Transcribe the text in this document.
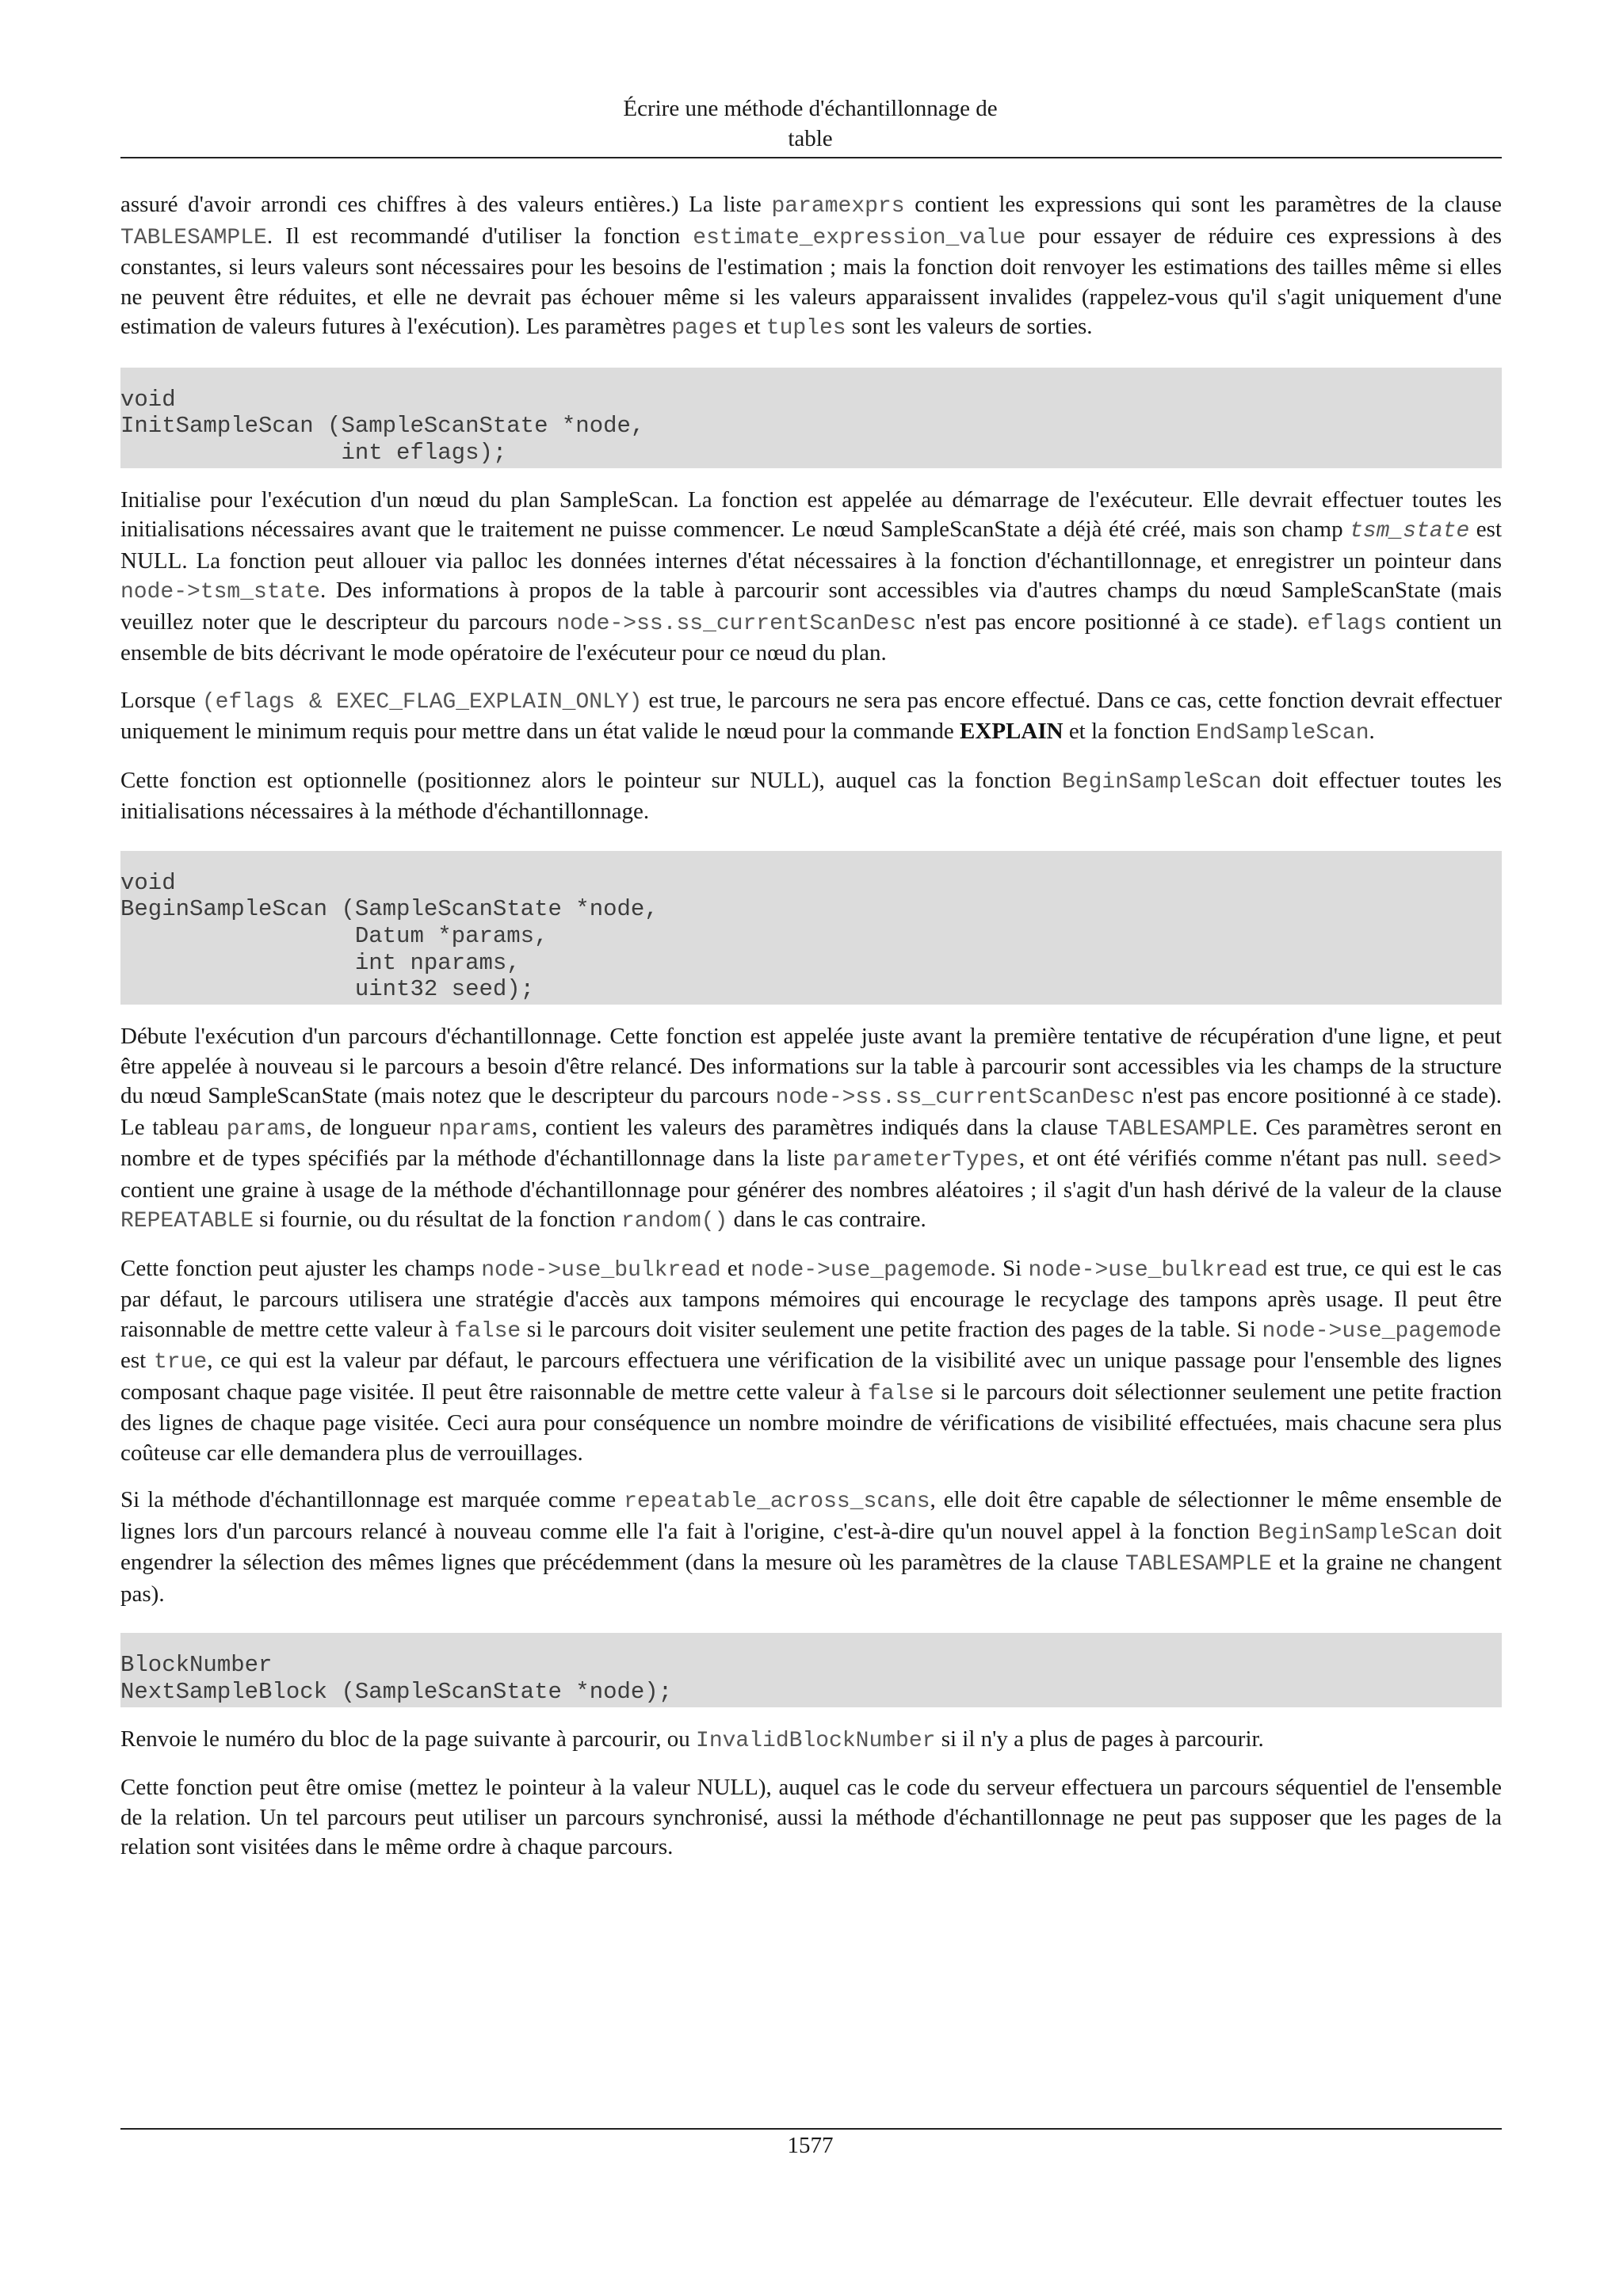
Écrire une méthode d'échantillonnage de
table

assuré d'avoir arrondi ces chiffres à des valeurs entières.) La liste paramexprs contient les expressions qui sont les paramètres de la clause TABLESAMPLE. Il est recommandé d'utiliser la fonction estimate_expression_value pour essayer de réduire ces expressions à des constantes, si leurs valeurs sont nécessaires pour les besoins de l'estimation ; mais la fonction doit renvoyer les estimations des tailles même si elles ne peuvent être réduites, et elle ne devrait pas échouer même si les valeurs apparaissent invalides (rappelez-vous qu'il s'agit uniquement d'une estimation de valeurs futures à l'exécution). Les paramètres pages et tuples sont les valeurs de sorties.

void
InitSampleScan (SampleScanState *node,
int eflags);

Initialise pour l'exécution d'un nœud du plan SampleScan. La fonction est appelée au démarrage de l'exécuteur. Elle devrait effectuer toutes les initialisations nécessaires avant que le traitement ne puisse commencer. Le nœud SampleScanState a déjà été créé, mais son champ tsm_state est NULL. La fonction peut allouer via palloc les données internes d'état nécessaires à la fonction d'échantillonnage, et enregistrer un pointeur dans node->tsm_state. Des informations à propos de la table à parcourir sont accessibles via d'autres champs du nœud SampleScanState (mais veuillez noter que le descripteur du parcours node->ss.ss_currentScanDesc n'est pas encore positionné à ce stade). eflags contient un ensemble de bits décrivant le mode opératoire de l'exécuteur pour ce nœud du plan.

Lorsque (eflags & EXEC_FLAG_EXPLAIN_ONLY) est true, le parcours ne sera pas encore effectué. Dans ce cas, cette fonction devrait effectuer uniquement le minimum requis pour mettre dans un état valide le nœud pour la commande EXPLAIN et la fonction EndSampleScan.

Cette fonction est optionnelle (positionnez alors le pointeur sur NULL), auquel cas la fonction BeginSampleScan doit effectuer toutes les initialisations nécessaires à la méthode d'échantillonnage.

void
BeginSampleScan (SampleScanState *node,
Datum *params,
int nparams,
uint32 seed);

Débute l'exécution d'un parcours d'échantillonnage. Cette fonction est appelée juste avant la première tentative de récupération d'une ligne, et peut être appelée à nouveau si le parcours a besoin d'être relancé. Des informations sur la table à parcourir sont accessibles via les champs de la structure du nœud SampleScanState (mais notez que le descripteur du parcours node->ss.ss_currentScanDesc n'est pas encore positionné à ce stade). Le tableau params, de longueur nparams, contient les valeurs des paramètres indiqués dans la clause TABLESAMPLE. Ces paramètres seront en nombre et de types spécifiés par la méthode d'échantillonnage dans la liste parameterTypes, et ont été vérifiés comme n'étant pas null. seed> contient une graine à usage de la méthode d'échantillonnage pour générer des nombres aléatoires ; il s'agit d'un hash dérivé de la valeur de la clause REPEATABLE si fournie, ou du résultat de la fonction random() dans le cas contraire.

Cette fonction peut ajuster les champs node->use_bulkread et node->use_pagemode. Si node->use_bulkread est true, ce qui est le cas par défaut, le parcours utilisera une stratégie d'accès aux tampons mémoires qui encourage le recyclage des tampons après usage. Il peut être raisonnable de mettre cette valeur à false si le parcours doit visiter seulement une petite fraction des pages de la table. Si node->use_pagemode est true, ce qui est la valeur par défaut, le parcours effectuera une vérification de la visibilité avec un unique passage pour l'ensemble des lignes composant chaque page visitée. Il peut être raisonnable de mettre cette valeur à false si le parcours doit sélectionner seulement une petite fraction des lignes de chaque page visitée. Ceci aura pour conséquence un nombre moindre de vérifications de visibilité effectuées, mais chacune sera plus coûteuse car elle demandera plus de verrouillages.

Si la méthode d'échantillonnage est marquée comme repeatable_across_scans, elle doit être capable de sélectionner le même ensemble de lignes lors d'un parcours relancé à nouveau comme elle l'a fait à l'origine, c'est-à-dire qu'un nouvel appel à la fonction BeginSampleScan doit engendrer la sélection des mêmes lignes que précédemment (dans la mesure où les paramètres de la clause TABLESAMPLE et la graine ne changent pas).

BlockNumber
NextSampleBlock (SampleScanState *node);

Renvoie le numéro du bloc de la page suivante à parcourir, ou InvalidBlockNumber si il n'y a plus de pages à parcourir.

Cette fonction peut être omise (mettez le pointeur à la valeur NULL), auquel cas le code du serveur effectuera un parcours séquentiel de l'ensemble de la relation. Un tel parcours peut utiliser un parcours synchronisé, aussi la méthode d'échantillonnage ne peut pas supposer que les pages de la relation sont visitées dans le même ordre à chaque parcours.

1577
